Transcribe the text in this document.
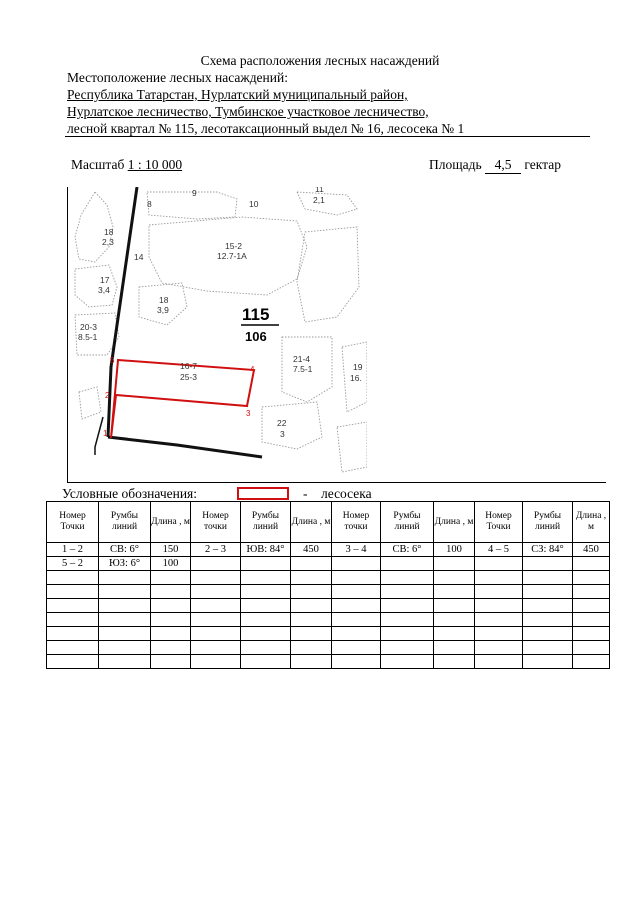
Схема расположения лесных насаждений
Местоположение лесных насаждений:
Республика Татарстан, Нурлатский муниципальный район,
Нурлатское лесничество, Тумбинское участковое лесничество,
лесной квартал № 115, лесотаксационный выдел № 16, лесосека № 1
Масштаб 1 : 10 000	Площадь 4,5 гектар
9
8	10
11
2,1
18
2,3
14
15-2
12.7-1А
17
3,4
18
3,9
20-3
8.5-1
16-7
25-3
21-4
7.5-1	19
16.
22
3
115
106
1
2
3
4
5
Условные обозначения:	- лесосека
Номер Точки	Румбы линий	Длина , м	Номер точки	Румбы линий	Длина , м	Номер точки	Румбы линий	Длина , м	Номер Точки	Румбы линий	Длина , м
1 – 2	СВ: 6°	150	2 – 3	ЮВ: 84°	450	3 – 4	СВ: 6°	100	4 – 5	СЗ: 84°	450
5 – 2	ЮЗ: 6°	100									
